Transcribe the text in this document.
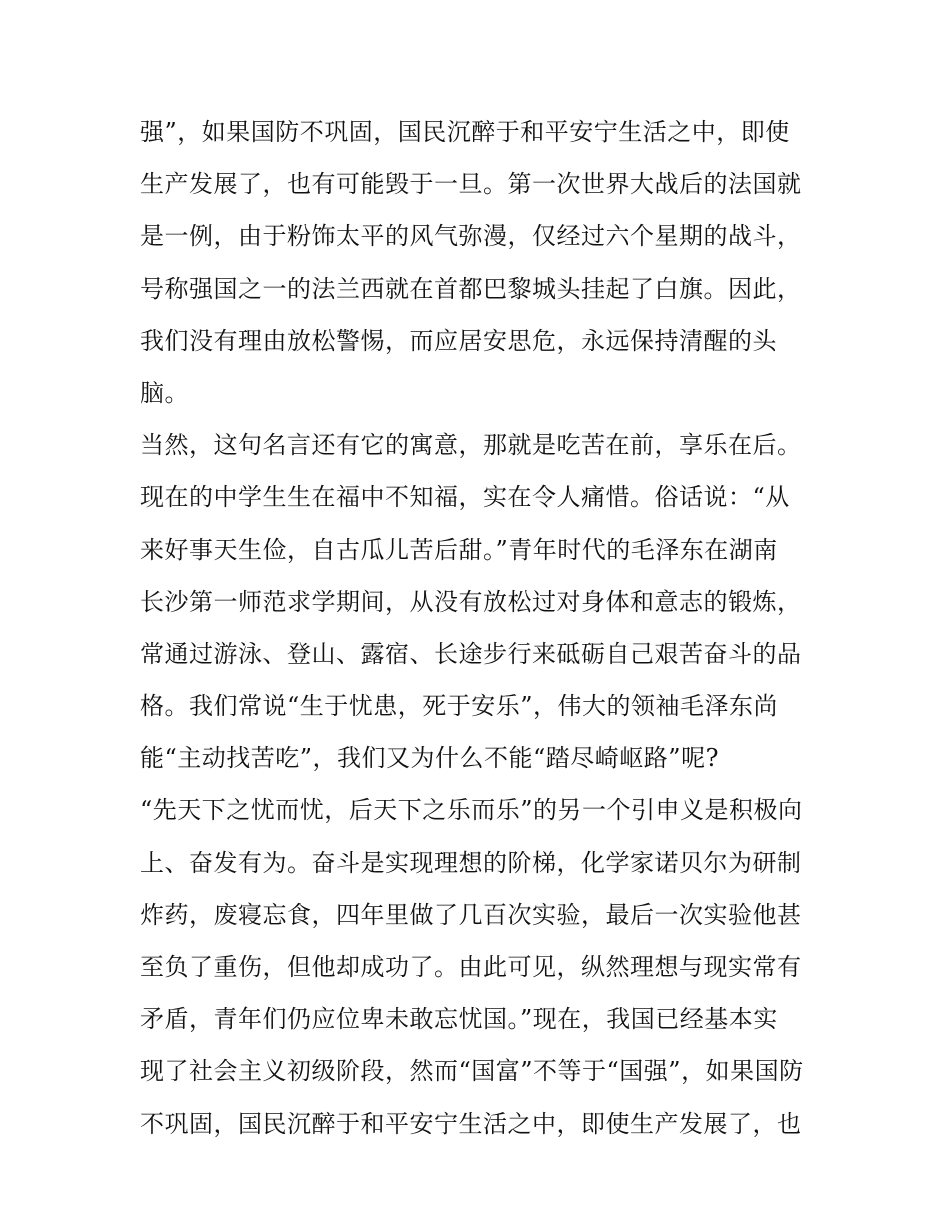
强”，如果国防不巩固，国民沉醉于和平安宁生活之中，即使
生产发展了，也有可能毁于一旦。第一次世界大战后的法国就
是一例，由于粉饰太平的风气弥漫，仅经过六个星期的战斗，
号称强国之一的法兰西就在首都巴黎城头挂起了白旗。因此，
我们没有理由放松警惕，而应居安思危，永远保持清醒的头
脑。
当然，这句名言还有它的寓意，那就是吃苦在前，享乐在后。
现在的中学生生在福中不知福，实在令人痛惜。俗话说：“从
来好事天生俭，自古瓜儿苦后甜。”青年时代的毛泽东在湖南
长沙第一师范求学期间，从没有放松过对身体和意志的锻炼，
常通过游泳、登山、露宿、长途步行来砥砺自己艰苦奋斗的品
格。我们常说“生于忧患，死于安乐”，伟大的领袖毛泽东尚
能“主动找苦吃”，我们又为什么不能“踏尽崎岖路”呢?
“先天下之忧而忧，后天下之乐而乐”的另一个引申义是积极向
上、奋发有为。奋斗是实现理想的阶梯，化学家诺贝尔为研制
炸药，废寝忘食，四年里做了几百次实验，最后一次实验他甚
至负了重伤，但他却成功了。由此可见，纵然理想与现实常有
矛盾，青年们仍应位卑未敢忘忧国。”现在，我国已经基本实
现了社会主义初级阶段，然而“国富”不等于“国强”，如果国防
不巩固，国民沉醉于和平安宁生活之中，即使生产发展了，也
